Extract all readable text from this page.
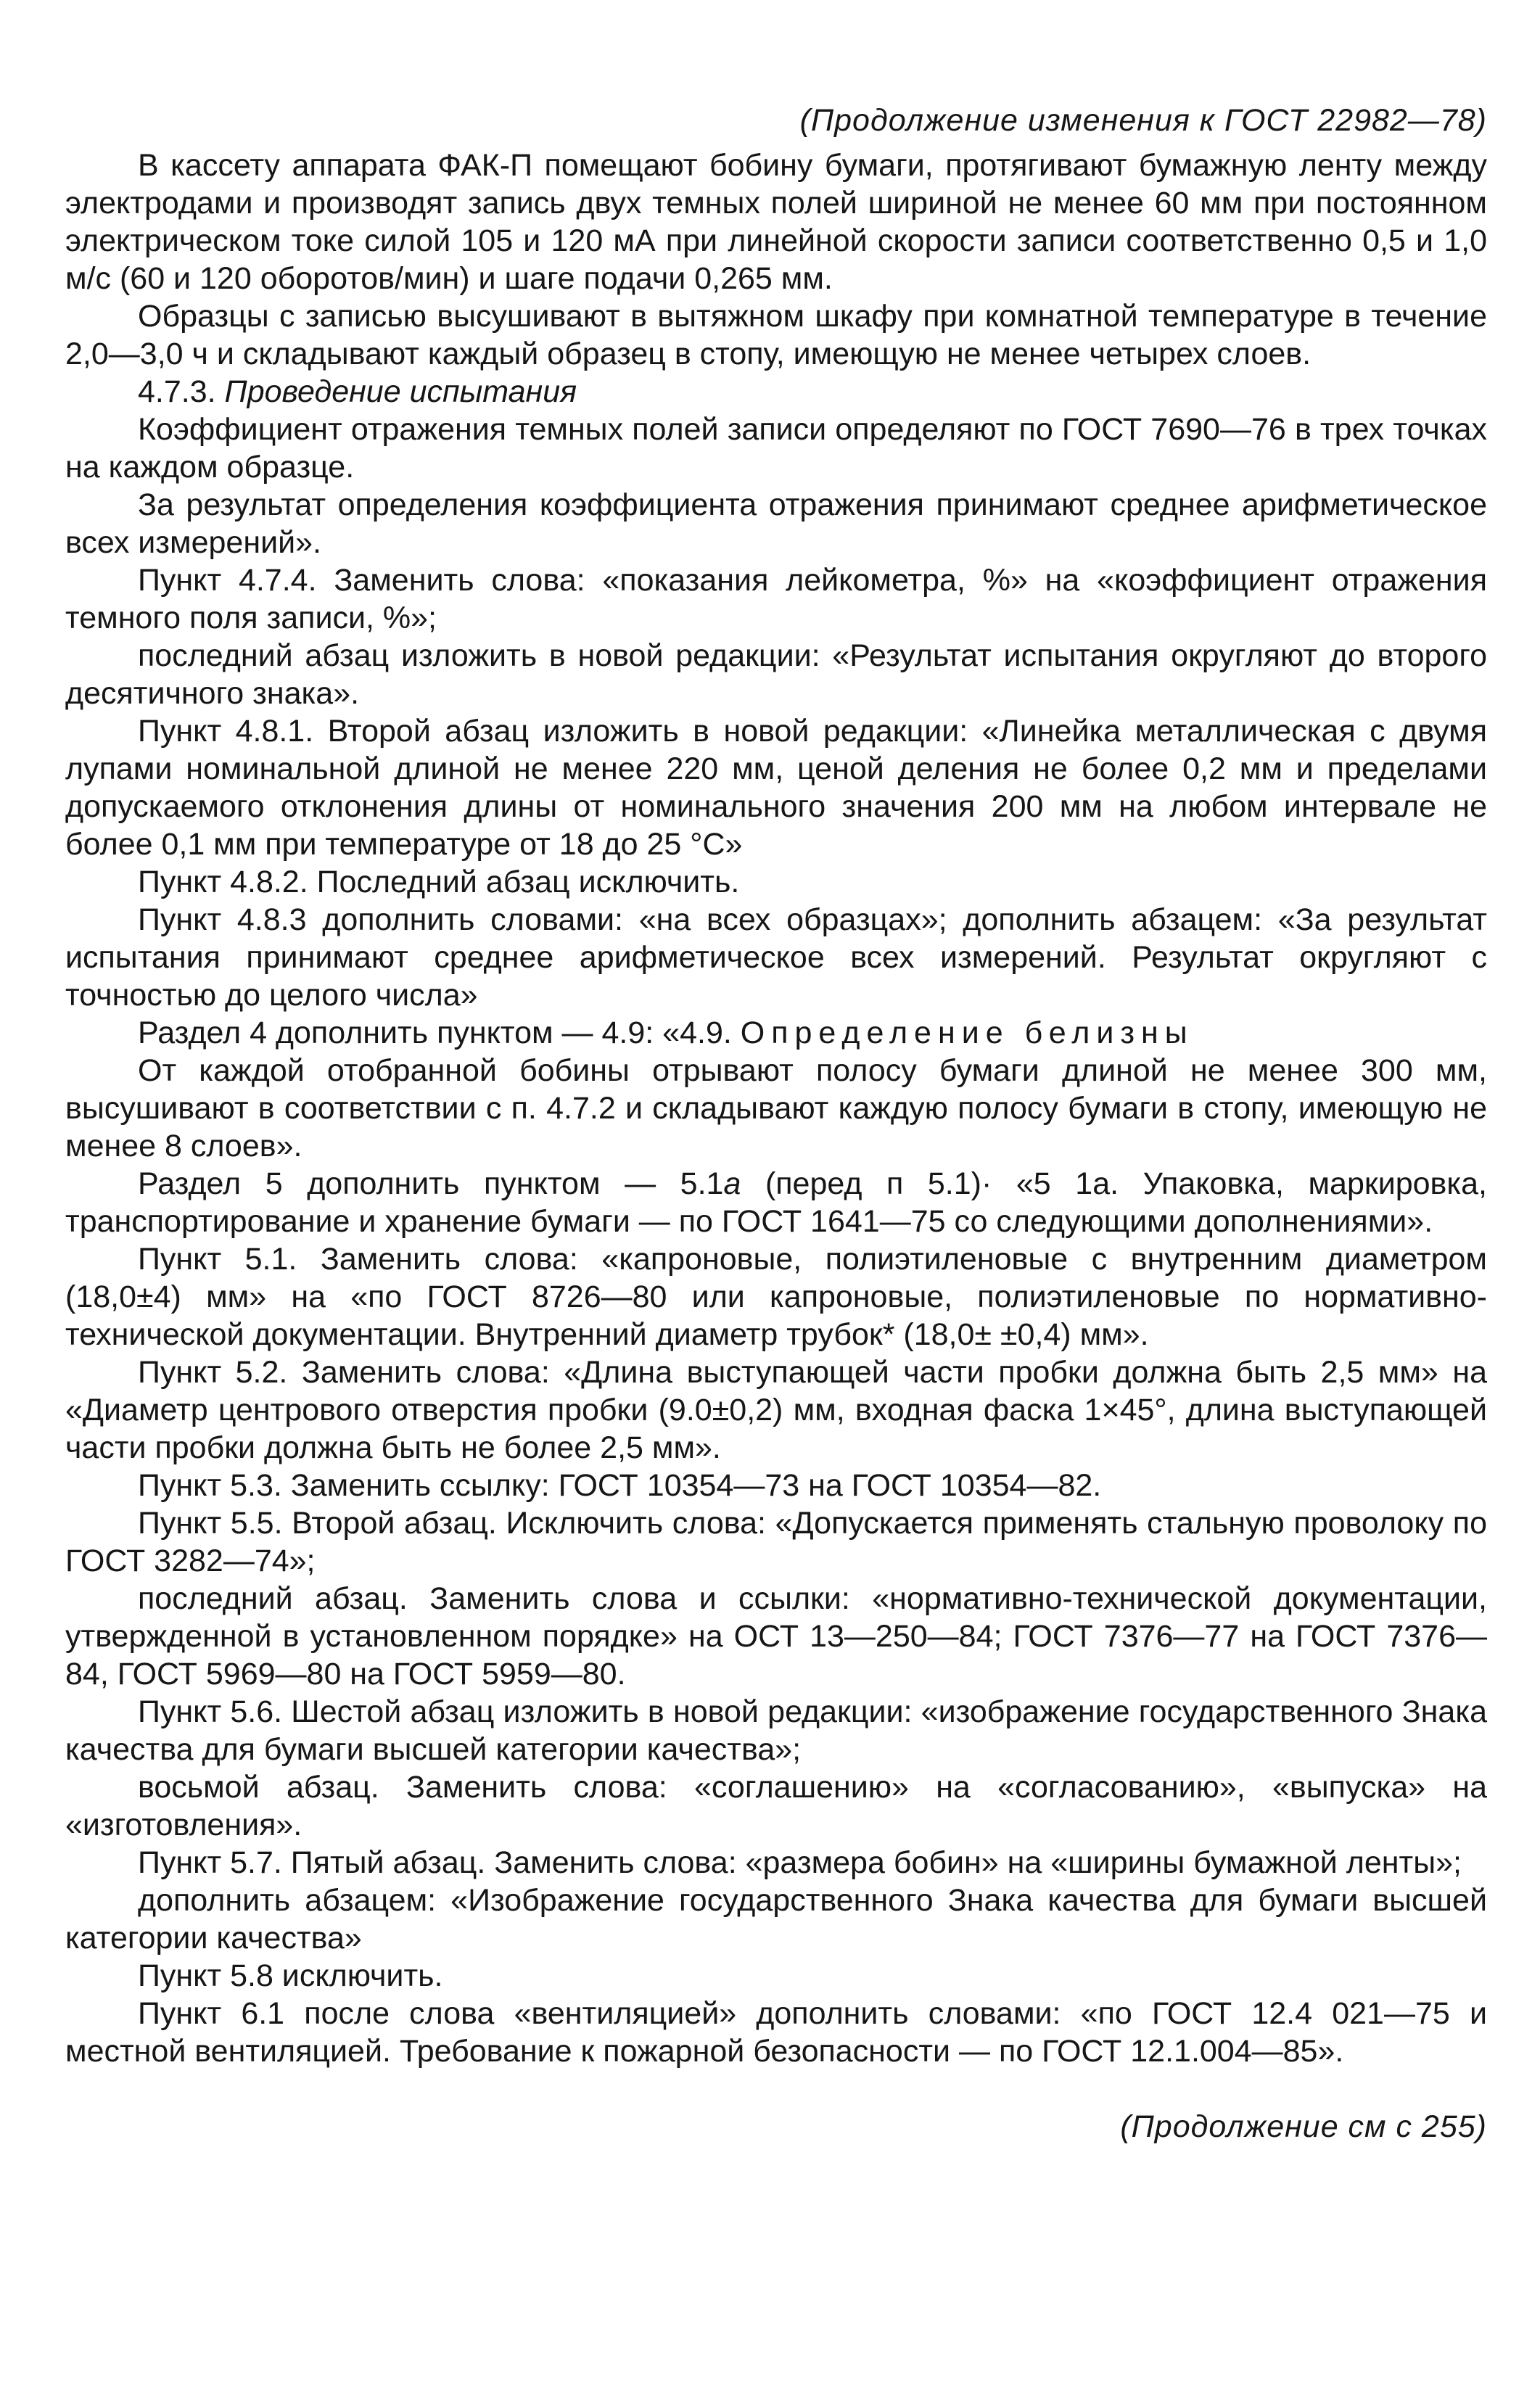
(Продолжение изменения к ГОСТ 22982—78)

В кассету аппарата ФАК-П помещают бобину бумаги, протягивают бумажную ленту между электродами и производят запись двух темных полей шириной не менее 60 мм при постоянном электрическом токе силой 105 и 120 мА при линейной скорости записи соответственно 0,5 и 1,0 м/с (60 и 120 оборотов/мин) и шаге подачи 0,265 мм.

Образцы с записью высушивают в вытяжном шкафу при комнатной температуре в течение 2,0—3,0 ч и складывают каждый образец в стопу, имеющую не менее четырех слоев.

4.7.3. Проведение испытания

Коэффициент отражения темных полей записи определяют по ГОСТ 7690—76 в трех точках на каждом образце.

За результат определения коэффициента отражения принимают среднее арифметическое всех измерений».

Пункт 4.7.4. Заменить слова: «показания лейкометра, %» на «коэффициент отражения темного поля записи, %»;

последний абзац изложить в новой редакции: «Результат испытания округляют до второго десятичного знака».

Пункт 4.8.1. Второй абзац изложить в новой редакции: «Линейка металлическая с двумя лупами номинальной длиной не менее 220 мм, ценой деления не более 0,2 мм и пределами допускаемого отклонения длины от номинального значения 200 мм на любом интервале не более 0,1 мм при температуре от 18 до 25 °С»

Пункт 4.8.2. Последний абзац исключить.

Пункт 4.8.3 дополнить словами: «на всех образцах»; дополнить абзацем: «За результат испытания принимают среднее арифметическое всех измерений. Результат округляют с точностью до целого числа»

Раздел 4 дополнить пунктом — 4.9: «4.9. Определение белизны

От каждой отобранной бобины отрывают полосу бумаги длиной не менее 300 мм, высушивают в соответствии с п. 4.7.2 и складывают каждую полосу бумаги в стопу, имеющую не менее 8 слоев».

Раздел 5 дополнить пунктом — 5.1а (перед п 5.1)· «5 1а. Упаковка, маркировка, транспортирование и хранение бумаги — по ГОСТ 1641—75 со следующими дополнениями».

Пункт 5.1. Заменить слова: «капроновые, полиэтиленовые с внутренним диаметром (18,0±4) мм» на «по ГОСТ 8726—80 или капроновые, полиэтиленовые по нормативно-технической документации. Внутренний диаметр трубок* (18,0± ±0,4) мм».

Пункт 5.2. Заменить слова: «Длина выступающей части пробки должна быть 2,5 мм» на «Диаметр центрового отверстия пробки (9.0±0,2) мм, входная фаска 1×45°, длина выступающей части пробки должна быть не более 2,5 мм».

Пункт 5.3. Заменить ссылку: ГОСТ 10354—73 на ГОСТ 10354—82.

Пункт 5.5. Второй абзац. Исключить слова: «Допускается применять стальную проволоку по ГОСТ 3282—74»;

последний абзац. Заменить слова и ссылки: «нормативно-технической документации, утвержденной в установленном порядке» на ОСТ 13—250—84; ГОСТ 7376—77 на ГОСТ 7376—84, ГОСТ 5969—80 на ГОСТ 5959—80.

Пункт 5.6. Шестой абзац изложить в новой редакции: «изображение государственного Знака качества для бумаги высшей категории качества»;

восьмой абзац. Заменить слова: «соглашению» на «согласованию», «выпуска» на «изготовления».

Пункт 5.7. Пятый абзац. Заменить слова: «размера бобин» на «ширины бумажной ленты»;

дополнить абзацем: «Изображение государственного Знака качества для бумаги высшей категории качества»

Пункт 5.8 исключить.

Пункт 6.1 после слова «вентиляцией» дополнить словами: «по ГОСТ 12.4 021—75 и местной вентиляцией. Требование к пожарной безопасности — по ГОСТ 12.1.004—85».

(Продолжение см с 255)
